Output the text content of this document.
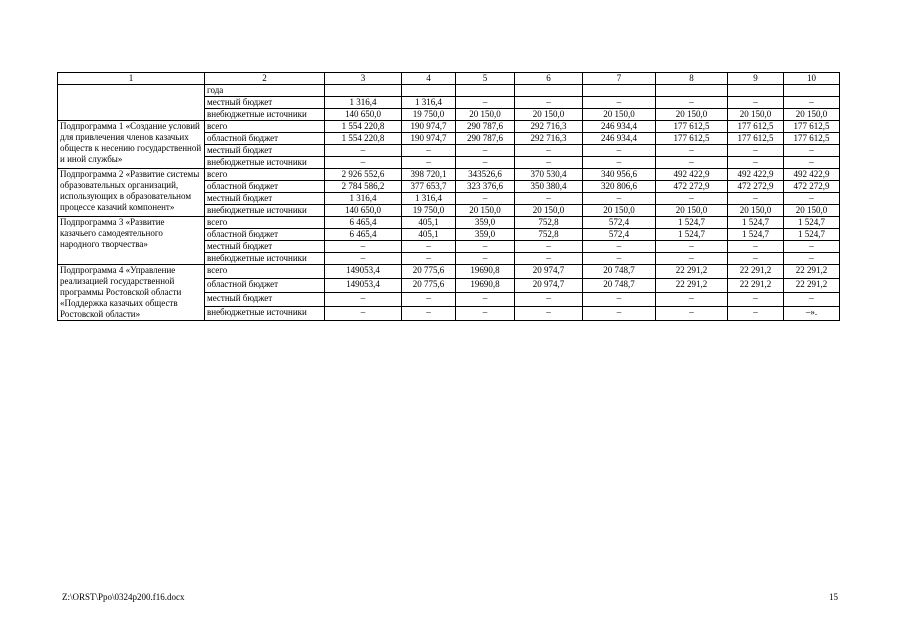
1	2	3	4	5	6	7	8	9	10
	года								
	местный бюджет	1 316,4	1 316,4	–	–	–	–	–	–
	внебюджетные источники	140 650,0	19 750,0	20 150,0	20 150,0	20 150,0	20 150,0	20 150,0	20 150,0
Подпрограмма 1 «Создание условий для привлечения членов казачьих обществ к несению государственной и иной службы»	всего	1 554 220,8	190 974,7	290 787,6	292 716,3	246 934,4	177 612,5	177 612,5	177 612,5
	областной бюджет	1 554 220,8	190 974,7	290 787,6	292 716,3	246 934,4	177 612,5	177 612,5	177 612,5
	местный бюджет	–	–	–	–	–	–	–	–
	внебюджетные источники	–	–	–	–	–	–	–	–
Подпрограмма 2 «Развитие системы образовательных организаций, использующих в образовательном процессе казачий компонент»	всего	2 926 552,6	398 720,1	343526,6	370 530,4	340 956,6	492 422,9	492 422,9	492 422,9
	областной бюджет	2 784 586,2	377 653,7	323 376,6	350 380,4	320 806,6	472 272,9	472 272,9	472 272,9
	местный бюджет	1 316,4	1 316,4	–	–	–	–	–	–
	внебюджетные источники	140 650,0	19 750,0	20 150,0	20 150,0	20 150,0	20 150,0	20 150,0	20 150,0
Подпрограмма 3 «Развитие казачьего самодеятельного народного творчества»	всего	6 465,4	405,1	359,0	752,8	572,4	1 524,7	1 524,7	1 524,7
	областной бюджет	6 465,4	405,1	359,0	752,8	572,4	1 524,7	1 524,7	1 524,7
	местный бюджет	–	–	–	–	–	–	–	–
	внебюджетные источники	–	–	–	–	–	–	–	–
Подпрограмма 4 «Управление реализацией государственной программы Ростовской области «Поддержка казачьих обществ Ростовской области»	всего	149053,4	20 775,6	19690,8	20 974,7	20 748,7	22 291,2	22 291,2	22 291,2
	областной бюджет	149053,4	20 775,6	19690,8	20 974,7	20 748,7	22 291,2	22 291,2	22 291,2
	местный бюджет	–	–	–	–	–	–	–	–
	внебюджетные источники	–	–	–	–	–	–	–	–».
Z:\ORST\Ppo\0324p200.f16.docx	15
